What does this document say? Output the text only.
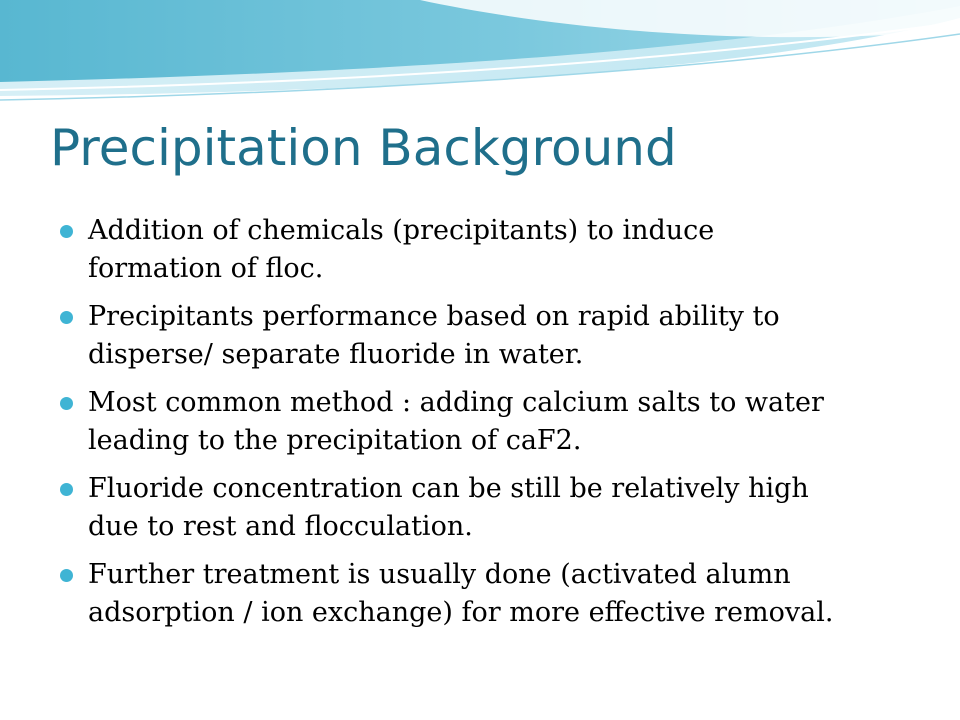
Precipitation Background
Addition of chemicals (precipitants) to induce
formation of floc.
Precipitants performance based on rapid ability to
disperse/ separate fluoride in water.
Most common method : adding calcium salts to water
leading to the precipitation of caF2.
Fluoride concentration can be still be relatively high
due to rest and flocculation.
Further treatment is usually done (activated alumn
adsorption / ion exchange) for more effective removal.
